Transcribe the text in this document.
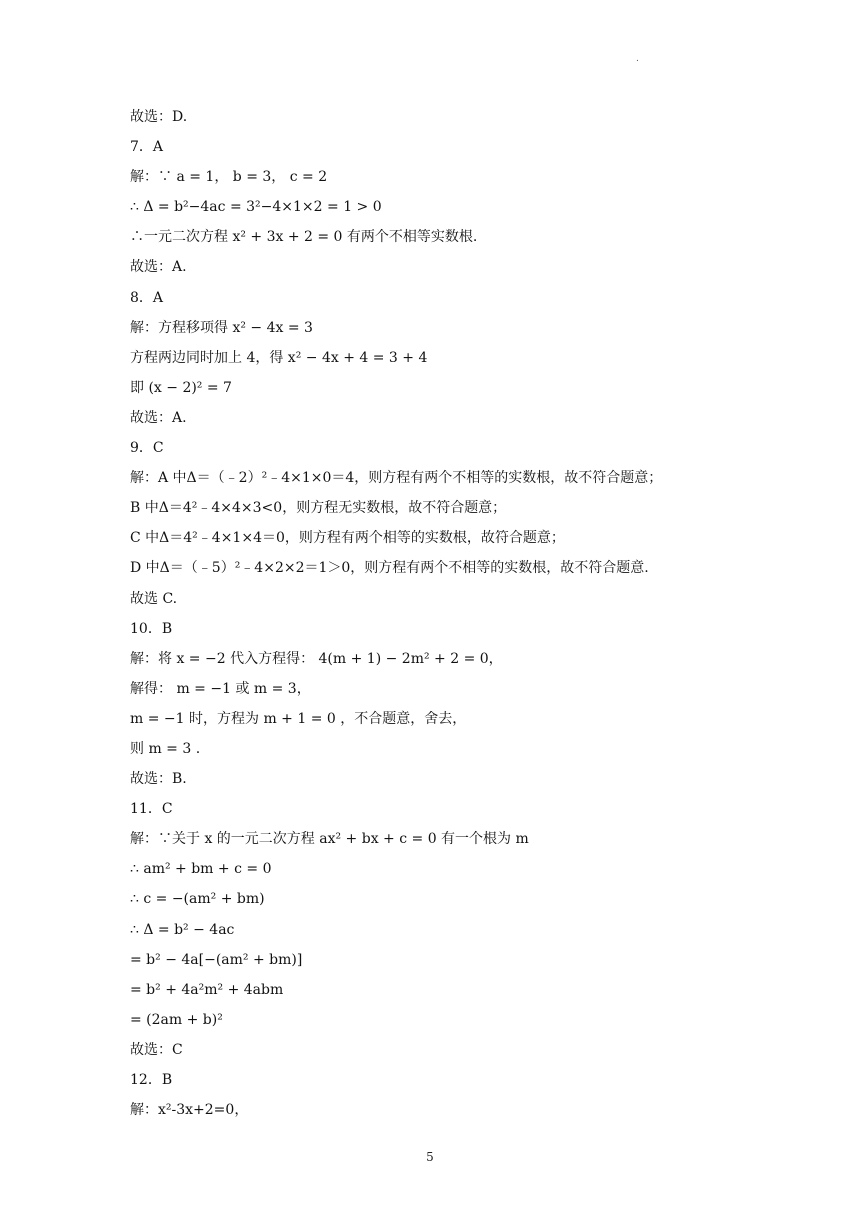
.
故选：D.
7．A
解：∵ a = 1， b = 3， c = 2
∴ Δ = b²−4ac = 3²−4×1×2 = 1 > 0
∴一元二次方程 x² + 3x + 2 = 0 有两个不相等实数根.
故选：A.
8．A
解：方程移项得 x² − 4x = 3
方程两边同时加上 4，得 x² − 4x + 4 = 3 + 4
即 (x − 2)² = 7
故选：A.
9．C
解：A 中Δ＝（﹣2）²﹣4×1×0＝4，则方程有两个不相等的实数根，故不符合题意；
B 中Δ＝4²﹣4×4×3<0，则方程无实数根，故不符合题意；
C 中Δ＝4²﹣4×1×4＝0，则方程有两个相等的实数根，故符合题意；
D 中Δ＝（﹣5）²﹣4×2×2＝1＞0，则方程有两个不相等的实数根，故不符合题意.
故选 C.
10．B
解：将 x = −2 代入方程得： 4(m + 1) − 2m² + 2 = 0，
解得： m = −1 或 m = 3，
m = −1 时，方程为 m + 1 = 0 ，不合题意，舍去，
则 m = 3 .
故选：B.
11．C
解：∵关于 x 的一元二次方程 ax² + bx + c = 0 有一个根为 m
∴ am² + bm + c = 0
∴ c = −(am² + bm)
∴ Δ = b² − 4ac
= b² − 4a[−(am² + bm)]
= b² + 4a²m² + 4abm
= (2am + b)²
故选：C
12．B
解：x²-3x+2=0，
5
